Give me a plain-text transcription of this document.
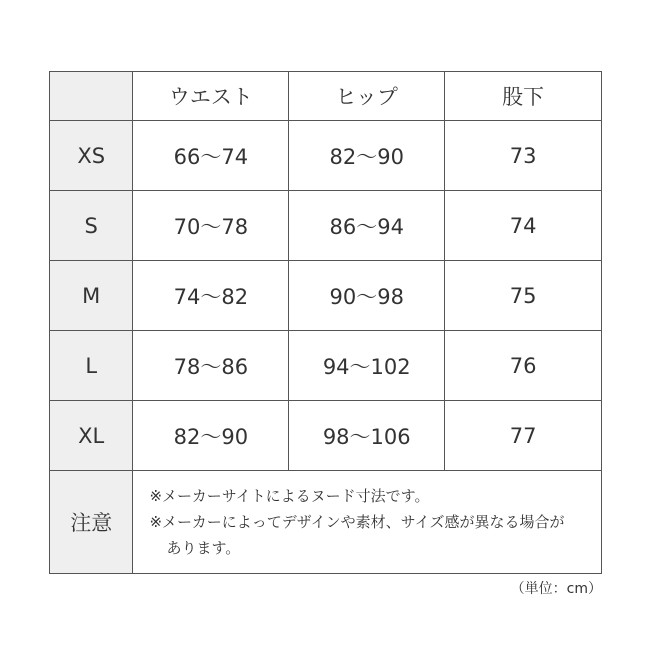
	ウエスト	ヒップ	股下
XS	66〜74	82〜90	73
S	70〜78	86〜94	74
M	74〜82	90〜98	75
L	78〜86	94〜102	76
XL	82〜90	98〜106	77
注意	※メーカーサイトによるヌード寸法です。
※メーカーによってデザインや素材、サイズ感が異なる場合が
あります。		
（単位：cm）
